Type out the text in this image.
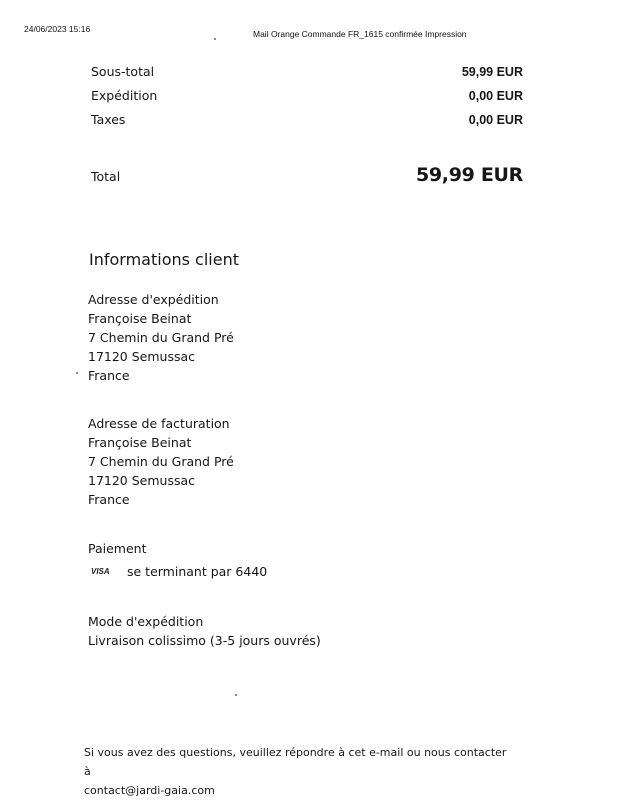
24/06/2023 15:16	Mail Orange Commande FR_1615 confirmée Impression
Sous-total	59,99 EUR
Expédition	0,00 EUR
Taxes	0,00 EUR
Total	59,99 EUR
Informations client
Adresse d'expédition
Françoise Beinat
7 Chemin du Grand Pré
17120 Semussac
France
Adresse de facturation
Françoise Beinat
7 Chemin du Grand Pré
17120 Semussac
France
Paiement
VISA	se terminant par 6440
Mode d'expédition
Livraison colissimo (3-5 jours ouvrés)
Si vous avez des questions, veuillez répondre à cet e-mail ou nous contacter à
contact@jardi-gaia.com
